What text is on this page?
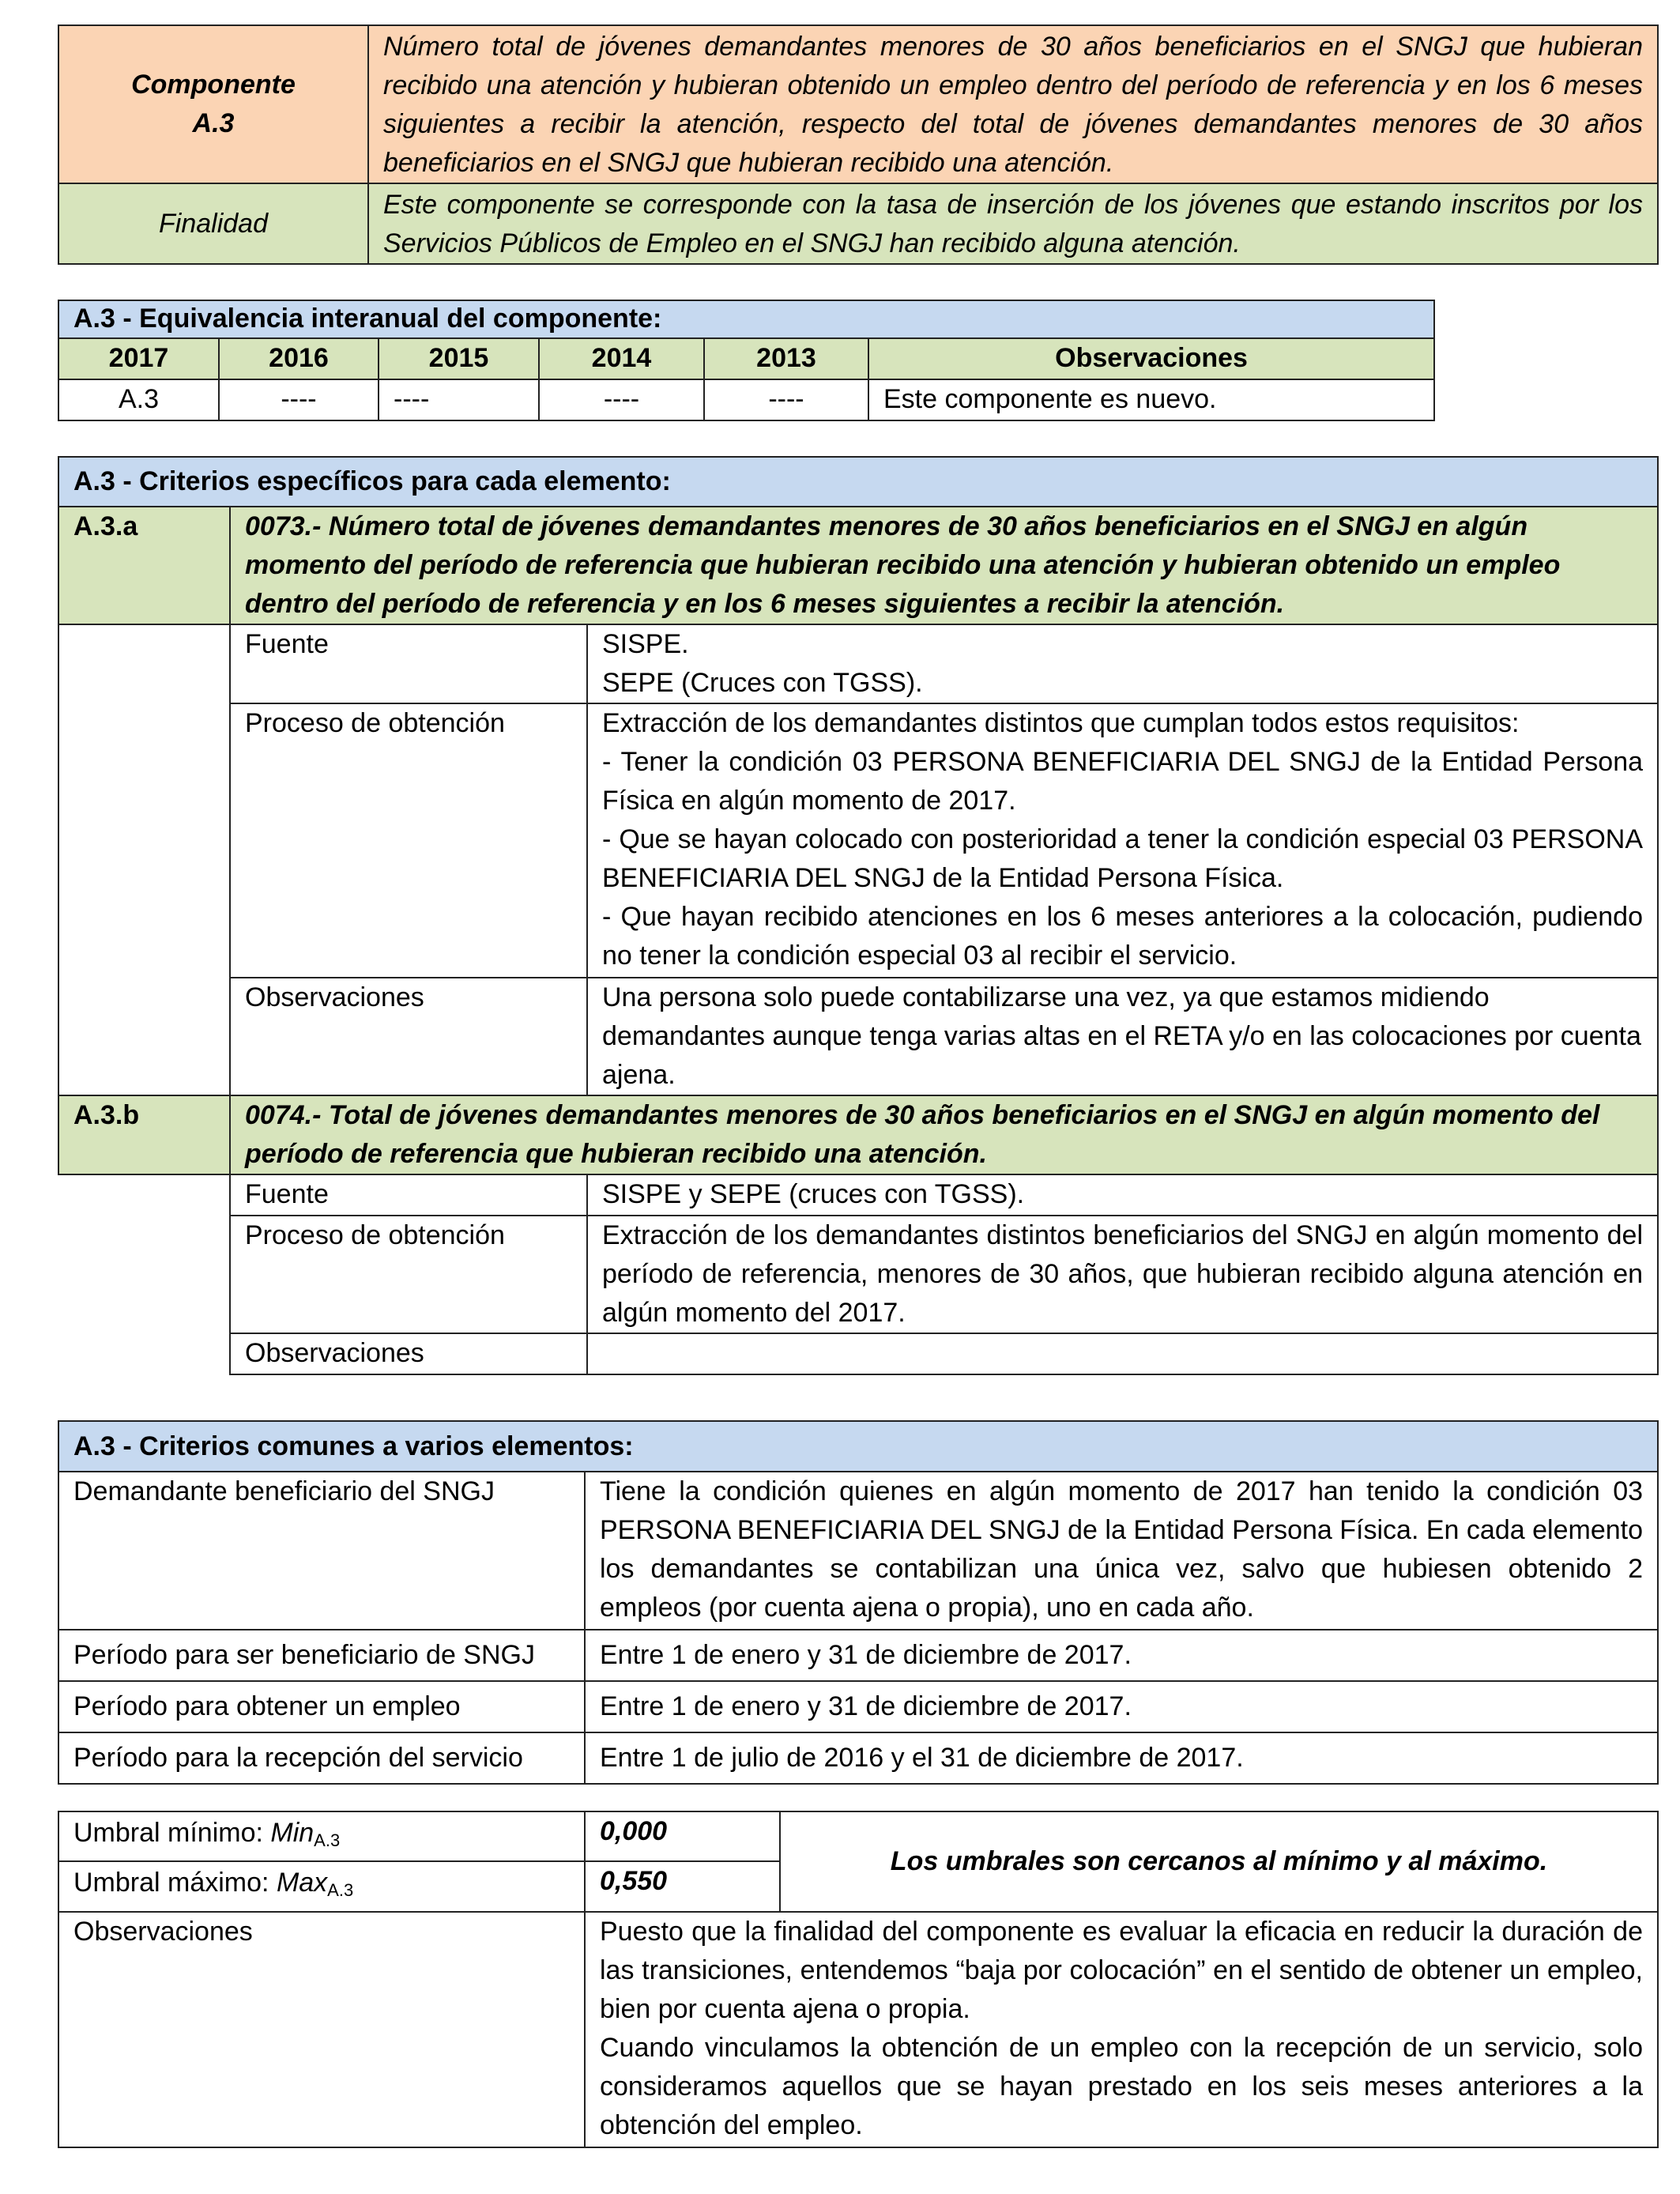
Componente
A.3	Número total de jóvenes demandantes menores de 30 años beneficiarios en el SNGJ que hubieran recibido una atención y hubieran obtenido un empleo dentro del período de referencia y en los 6 meses siguientes a recibir la atención, respecto del total de jóvenes demandantes menores de 30 años beneficiarios en el SNGJ que hubieran recibido una atención.
Finalidad	Este componente se corresponde con la tasa de inserción de los jóvenes que estando inscritos por los Servicios Públicos de Empleo en el SNGJ han recibido alguna atención.
A.3 - Equivalencia interanual del componente:					
2017	2016	2015	2014	2013	Observaciones
A.3	----	----	----	----	Este componente es nuevo.
A.3 - Criterios específicos para cada elemento:		
A.3.a	0073.- Número total de jóvenes demandantes menores de 30 años beneficiarios en el SNGJ en algún momento del período de referencia que hubieran recibido una atención y hubieran obtenido un empleo dentro del período de referencia y en los 6 meses siguientes a recibir la atención.	
	Fuente	SISPE.
SEPE (Cruces con TGSS).

	Proceso de obtención	Extracción de los demandantes distintos que cumplan todos estos requisitos:
- Tener la condición 03 PERSONA BENEFICIARIA DEL SNGJ de la Entidad Persona Física en algún momento de 2017.
- Que se hayan colocado con posterioridad a tener la condición especial 03 PERSONA BENEFICIARIA DEL SNGJ de la Entidad Persona Física.
- Que hayan recibido atenciones en los 6 meses anteriores a la colocación, pudiendo no tener la condición especial 03 al recibir el servicio.

	Observaciones	Una persona solo puede contabilizarse una vez, ya que estamos midiendo demandantes aunque tenga varias altas en el RETA y/o en las colocaciones por cuenta ajena.
A.3.b	0074.- Total de jóvenes demandantes menores de 30 años beneficiarios en el SNGJ en algún momento del período de referencia que hubieran recibido una atención.	
	Fuente	SISPE y SEPE (cruces con TGSS).
	Proceso de obtención	Extracción de los demandantes distintos beneficiarios del SNGJ en algún momento del período de referencia, menores de 30 años, que hubieran recibido alguna atención en algún momento del 2017.
	Observaciones	
A.3 - Criterios comunes a varios elementos:	
Demandante beneficiario del SNGJ	Tiene la condición quienes en algún momento de 2017 han tenido la condición 03 PERSONA BENEFICIARIA DEL SNGJ de la Entidad Persona Física. En cada elemento los demandantes se contabilizan una única vez, salvo que hubiesen obtenido 2 empleos (por cuenta ajena o propia), uno en cada año.
Período para ser beneficiario de SNGJ	Entre 1 de enero y 31 de diciembre de 2017.
Período para obtener un empleo	Entre 1 de enero y 31 de diciembre de 2017.
Período para la recepción del servicio	Entre 1 de julio de 2016 y el 31 de diciembre de 2017.
Umbral mínimo: Min$_{A.3}$	0,000	Los umbrales son cercanos al mínimo y al máximo.
Umbral máximo: Max$_{A.3}$	0,550	
Observaciones	Puesto que la finalidad del componente es evaluar la eficacia en reducir la duración de las transiciones, entendemos “baja por colocación” en el sentido de obtener un empleo, bien por cuenta ajena o propia.
Cuando vinculamos la obtención de un empleo con la recepción de un servicio, solo consideramos aquellos que se hayan prestado en los seis meses anteriores a la obtención del empleo.	
